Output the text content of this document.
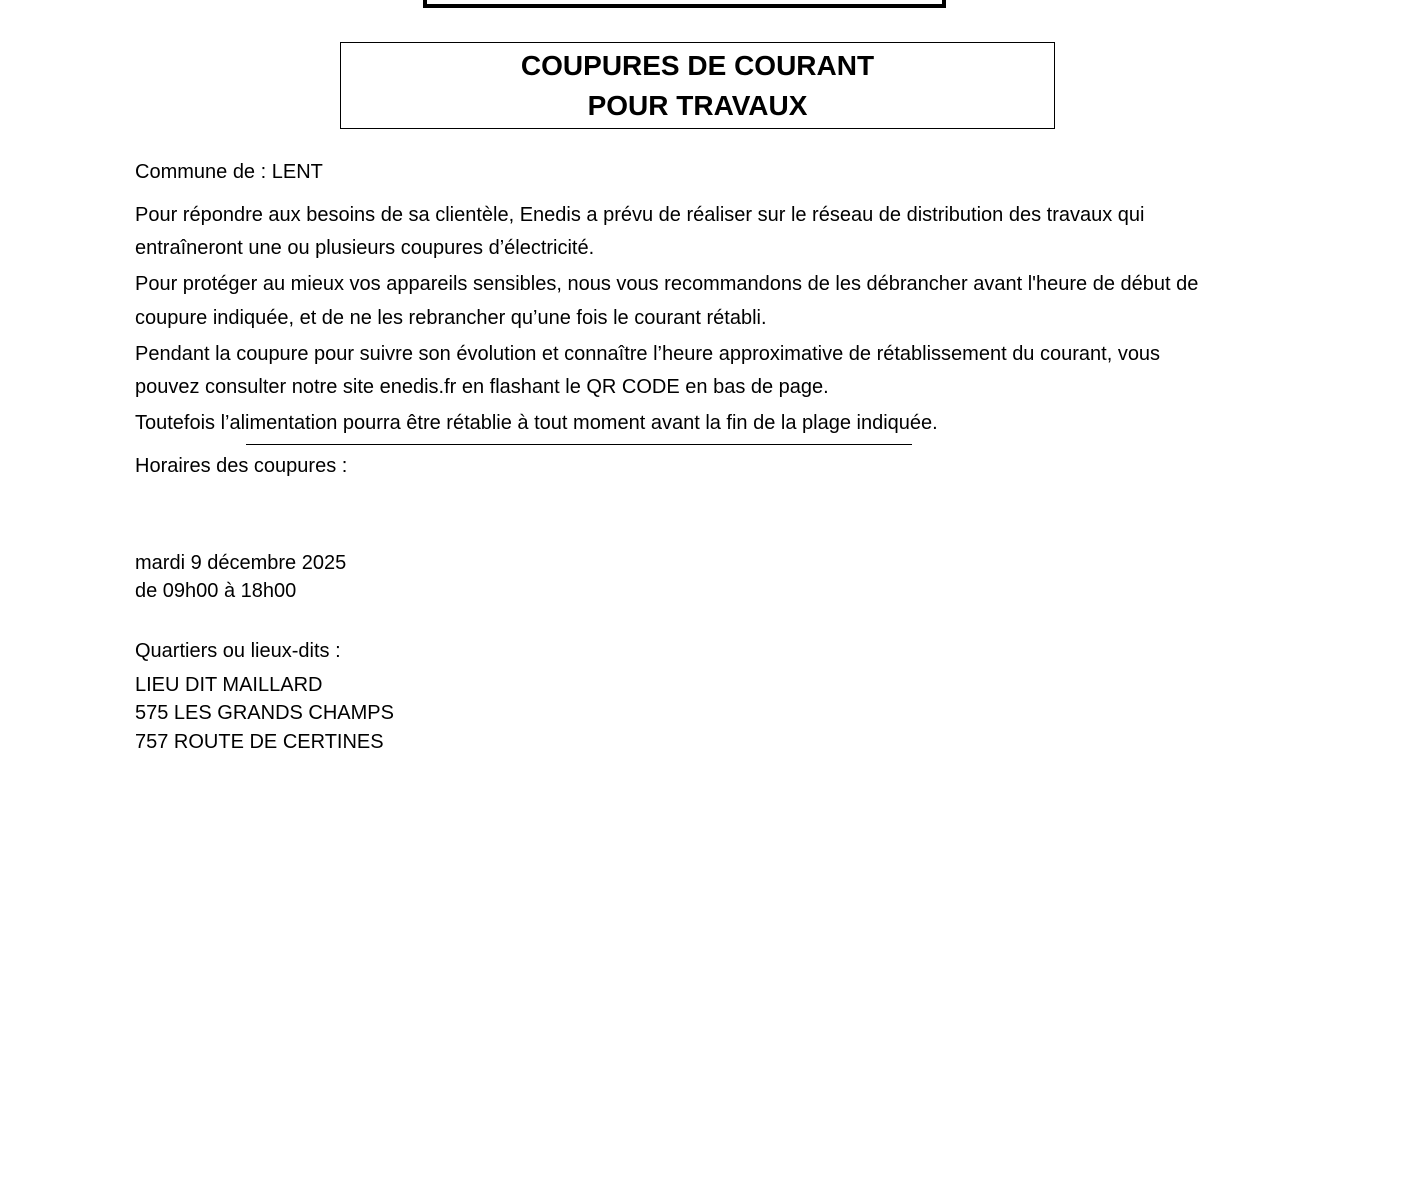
COUPURES DE COURANT
POUR TRAVAUX
Commune de : LENT
Pour répondre aux besoins de sa clientèle, Enedis a prévu de réaliser sur le réseau de distribution des travaux qui
entraîneront une ou plusieurs coupures d’électricité.
Pour protéger au mieux vos appareils sensibles, nous vous recommandons de les débrancher avant l'heure de début de
coupure indiquée, et de ne les rebrancher qu’une fois le courant rétabli.
Pendant la coupure pour suivre son évolution et connaître l’heure approximative de rétablissement du courant, vous
pouvez consulter notre site enedis.fr en flashant le QR CODE en bas de page.
Toutefois l’alimentation pourra être rétablie à tout moment avant la fin de la plage indiquée.
Horaires des coupures :
mardi 9 décembre 2025
de 09h00 à 18h00
Quartiers ou lieux-dits :
LIEU DIT MAILLARD
575 LES GRANDS CHAMPS
757 ROUTE DE CERTINES
